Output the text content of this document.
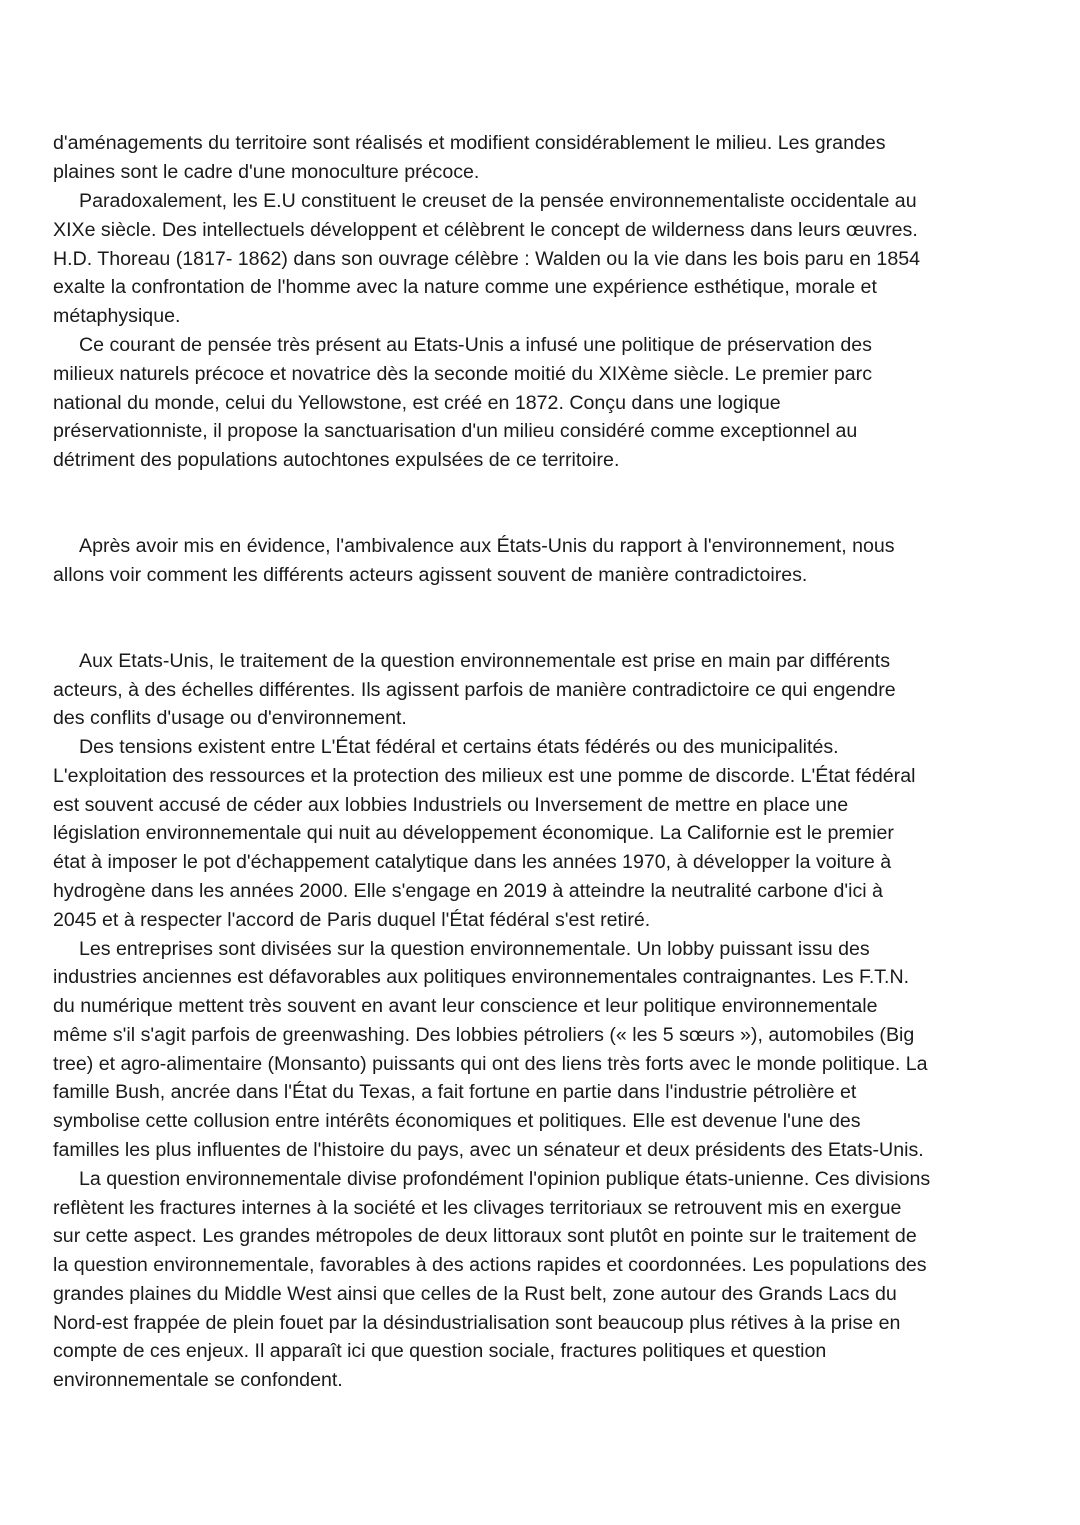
d'aménagements du territoire sont réalisés et modifient considérablement le milieu. Les grandes

plaines sont le cadre d'une monoculture précoce.

Paradoxalement, les E.U constituent le creuset de la pensée environnementaliste occidentale au

XIXe siècle. Des intellectuels développent et célèbrent le concept de wilderness dans leurs œuvres.

H.D. Thoreau (1817- 1862) dans son ouvrage célèbre : Walden ou la vie dans les bois paru en 1854

exalte la confrontation de l'homme avec la nature comme une expérience esthétique, morale et

métaphysique.

Ce courant de pensée très présent au Etats-Unis a infusé une politique de préservation des

milieux naturels précoce et novatrice dès la seconde moitié du XIXème siècle. Le premier parc

national du monde, celui du Yellowstone, est créé en 1872. Conçu dans une logique

préservationniste, il propose la sanctuarisation d'un milieu considéré comme exceptionnel au

détriment des populations autochtones expulsées de ce territoire.

Après avoir mis en évidence, l'ambivalence aux États-Unis du rapport à l'environnement, nous

allons voir comment les différents acteurs agissent souvent de manière contradictoires.

Aux Etats-Unis, le traitement de la question environnementale est prise en main par différents

acteurs, à des échelles différentes. Ils agissent parfois de manière contradictoire ce qui engendre

des conflits d'usage ou d'environnement.

Des tensions existent entre L'État fédéral et certains états fédérés ou des municipalités.

L'exploitation des ressources et la protection des milieux est une pomme de discorde. L'État fédéral

est souvent accusé de céder aux lobbies Industriels ou Inversement de mettre en place une

législation environnementale qui nuit au développement économique. La Californie est le premier

état à imposer le pot d'échappement catalytique dans les années 1970, à développer la voiture à

hydrogène dans les années 2000. Elle s'engage en 2019 à atteindre la neutralité carbone d'ici à

2045 et à respecter l'accord de Paris duquel l'État fédéral s'est retiré.

Les entreprises sont divisées sur la question environnementale. Un lobby puissant issu des

industries anciennes est défavorables aux politiques environnementales contraignantes. Les F.T.N.

du numérique mettent très souvent en avant leur conscience et leur politique environnementale

même s'il s'agit parfois de greenwashing. Des lobbies pétroliers (« les 5 sœurs »), automobiles (Big

tree) et agro-alimentaire (Monsanto) puissants qui ont des liens très forts avec le monde politique. La

famille Bush, ancrée dans l'État du Texas, a fait fortune en partie dans l'industrie pétrolière et

symbolise cette collusion entre intérêts économiques et politiques. Elle est devenue l'une des

familles les plus influentes de l'histoire du pays, avec un sénateur et deux présidents des Etats-Unis.

La question environnementale divise profondément l'opinion publique états-unienne. Ces divisions

reflètent les fractures internes à la société et les clivages territoriaux se retrouvent mis en exergue

sur cette aspect. Les grandes métropoles de deux littoraux sont plutôt en pointe sur le traitement de

la question environnementale, favorables à des actions rapides et coordonnées. Les populations des

grandes plaines du Middle West ainsi que celles de la Rust belt, zone autour des Grands Lacs du

Nord-est frappée de plein fouet par la désindustrialisation sont beaucoup plus rétives à la prise en

compte de ces enjeux. Il apparaît ici que question sociale, fractures politiques et question

environnementale se confondent.
